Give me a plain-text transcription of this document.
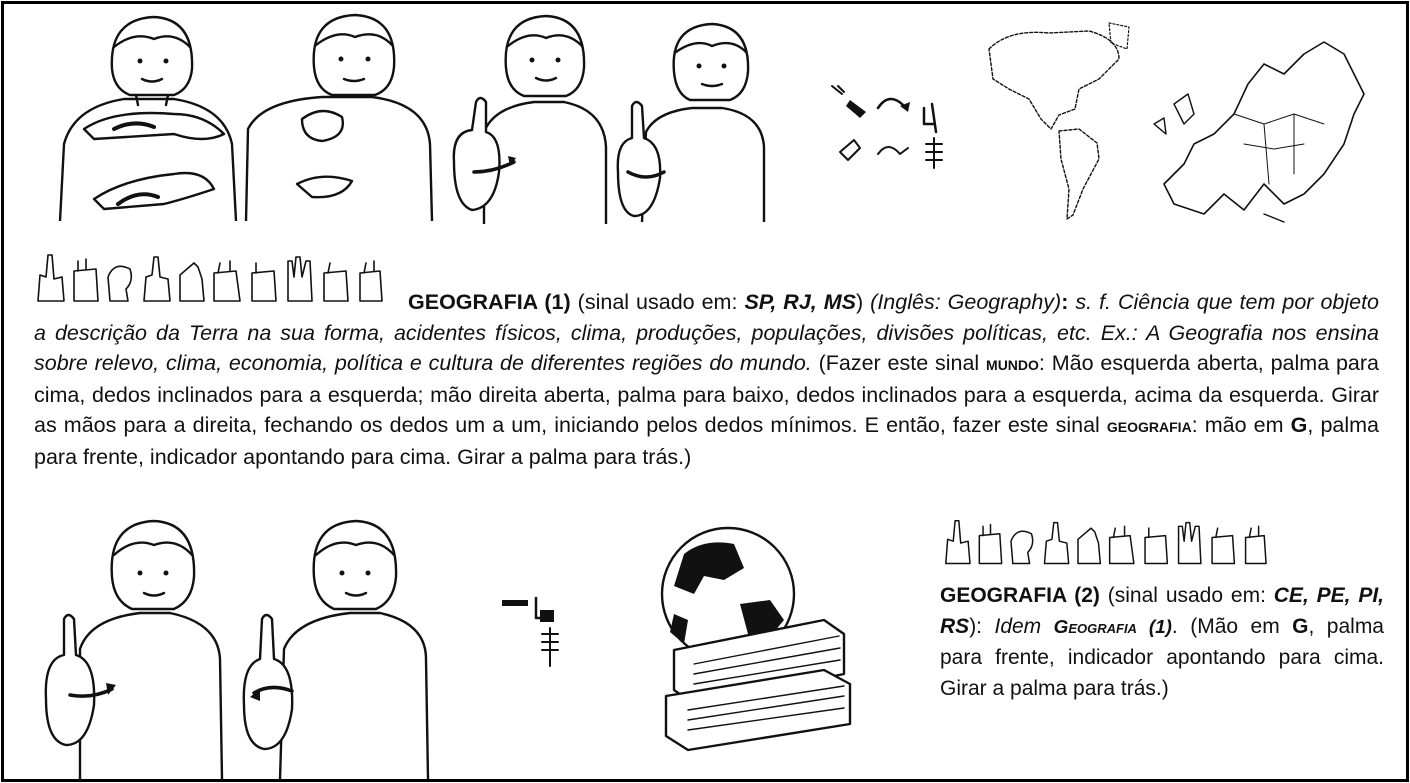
GEOGRAFIA (1) (sinal usado em: SP, RJ, MS) (Inglês: Geography): s. f. Ciência que tem por objeto a descrição da Terra na sua forma, acidentes físicos, clima, produções, populações, divisões políticas, etc. Ex.: A Geografia nos ensina sobre relevo, clima, economia, política e cultura de diferentes regiões do mundo. (Fazer este sinal mundo: Mão esquerda aberta, palma para cima, dedos inclinados para a esquerda; mão direita aberta, palma para baixo, dedos inclinados para a esquerda, acima da esquerda. Girar as mãos para a direita, fechando os dedos um a um, iniciando pelos dedos mínimos. E então, fazer este sinal geografia: mão em G, palma para frente, indicador apontando para cima. Girar a palma para trás.)
GEOGRAFIA (2) (sinal usado em: CE, PE, PI, RS): Idem Geografia (1). (Mão em G, palma para frente, indicador apontando para cima. Girar a palma para trás.)
